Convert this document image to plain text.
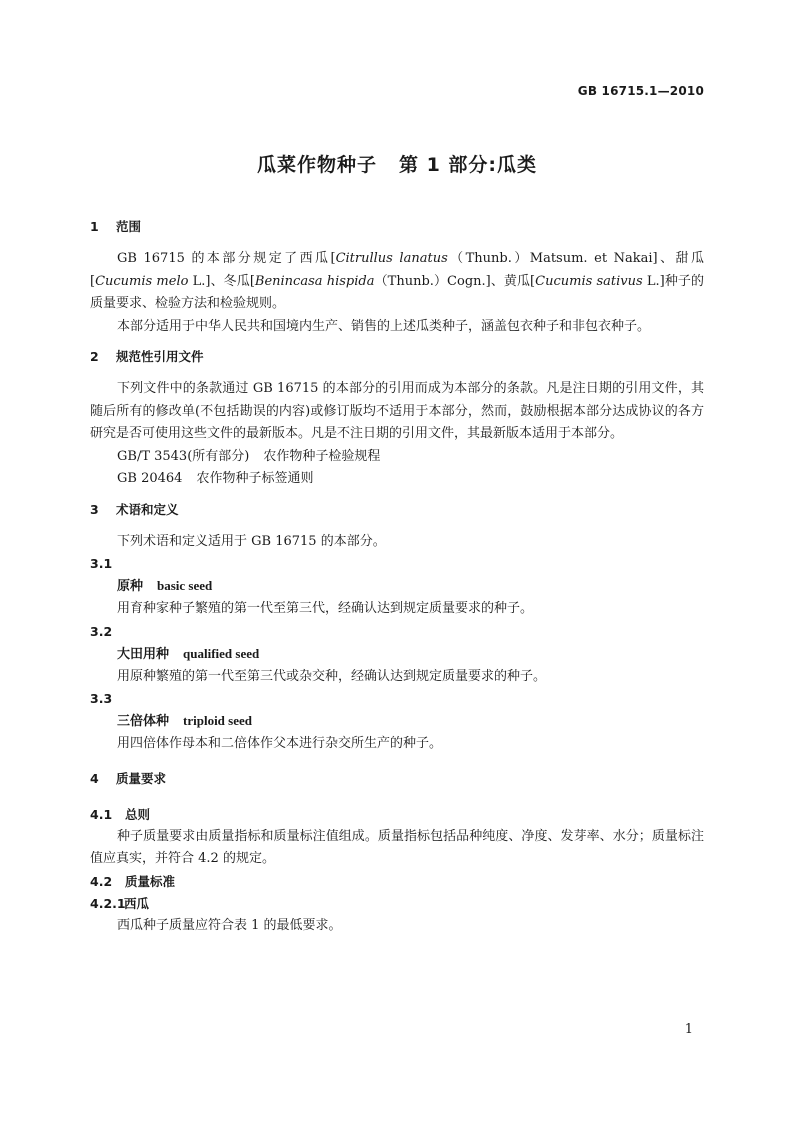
GB 16715.1—2010
瓜菜作物种子 第 1 部分:瓜类
1 范围
GB 16715 的本部分规定了西瓜[Citrullus lanatus（Thunb.）Matsum. et Nakai]、甜瓜[Cucumis melo L.]、冬瓜[Benincasa hispida（Thunb.）Cogn.]、黄瓜[Cucumis sativus L.]种子的质量要求、检验方法和检验规则。
本部分适用于中华人民共和国境内生产、销售的上述瓜类种子，涵盖包衣种子和非包衣种子。
2 规范性引用文件
下列文件中的条款通过 GB 16715 的本部分的引用而成为本部分的条款。凡是注日期的引用文件，其随后所有的修改单(不包括勘误的内容)或修订版均不适用于本部分，然而，鼓励根据本部分达成协议的各方研究是否可使用这些文件的最新版本。凡是不注日期的引用文件，其最新版本适用于本部分。
GB/T 3543(所有部分) 农作物种子检验规程
GB 20464 农作物种子标签通则
3 术语和定义
下列术语和定义适用于 GB 16715 的本部分。
3.1
原种 basic seed
用育种家种子繁殖的第一代至第三代，经确认达到规定质量要求的种子。
3.2
大田用种 qualified seed
用原种繁殖的第一代至第三代或杂交种，经确认达到规定质量要求的种子。
3.3
三倍体种 triploid seed
用四倍体作母本和二倍体作父本进行杂交所生产的种子。
4 质量要求
4.1 总则
种子质量要求由质量指标和质量标注值组成。质量指标包括品种纯度、净度、发芽率、水分；质量标注值应真实，并符合 4.2 的规定。
4.2 质量标准
4.2.1西瓜
西瓜种子质量应符合表 1 的最低要求。
1
